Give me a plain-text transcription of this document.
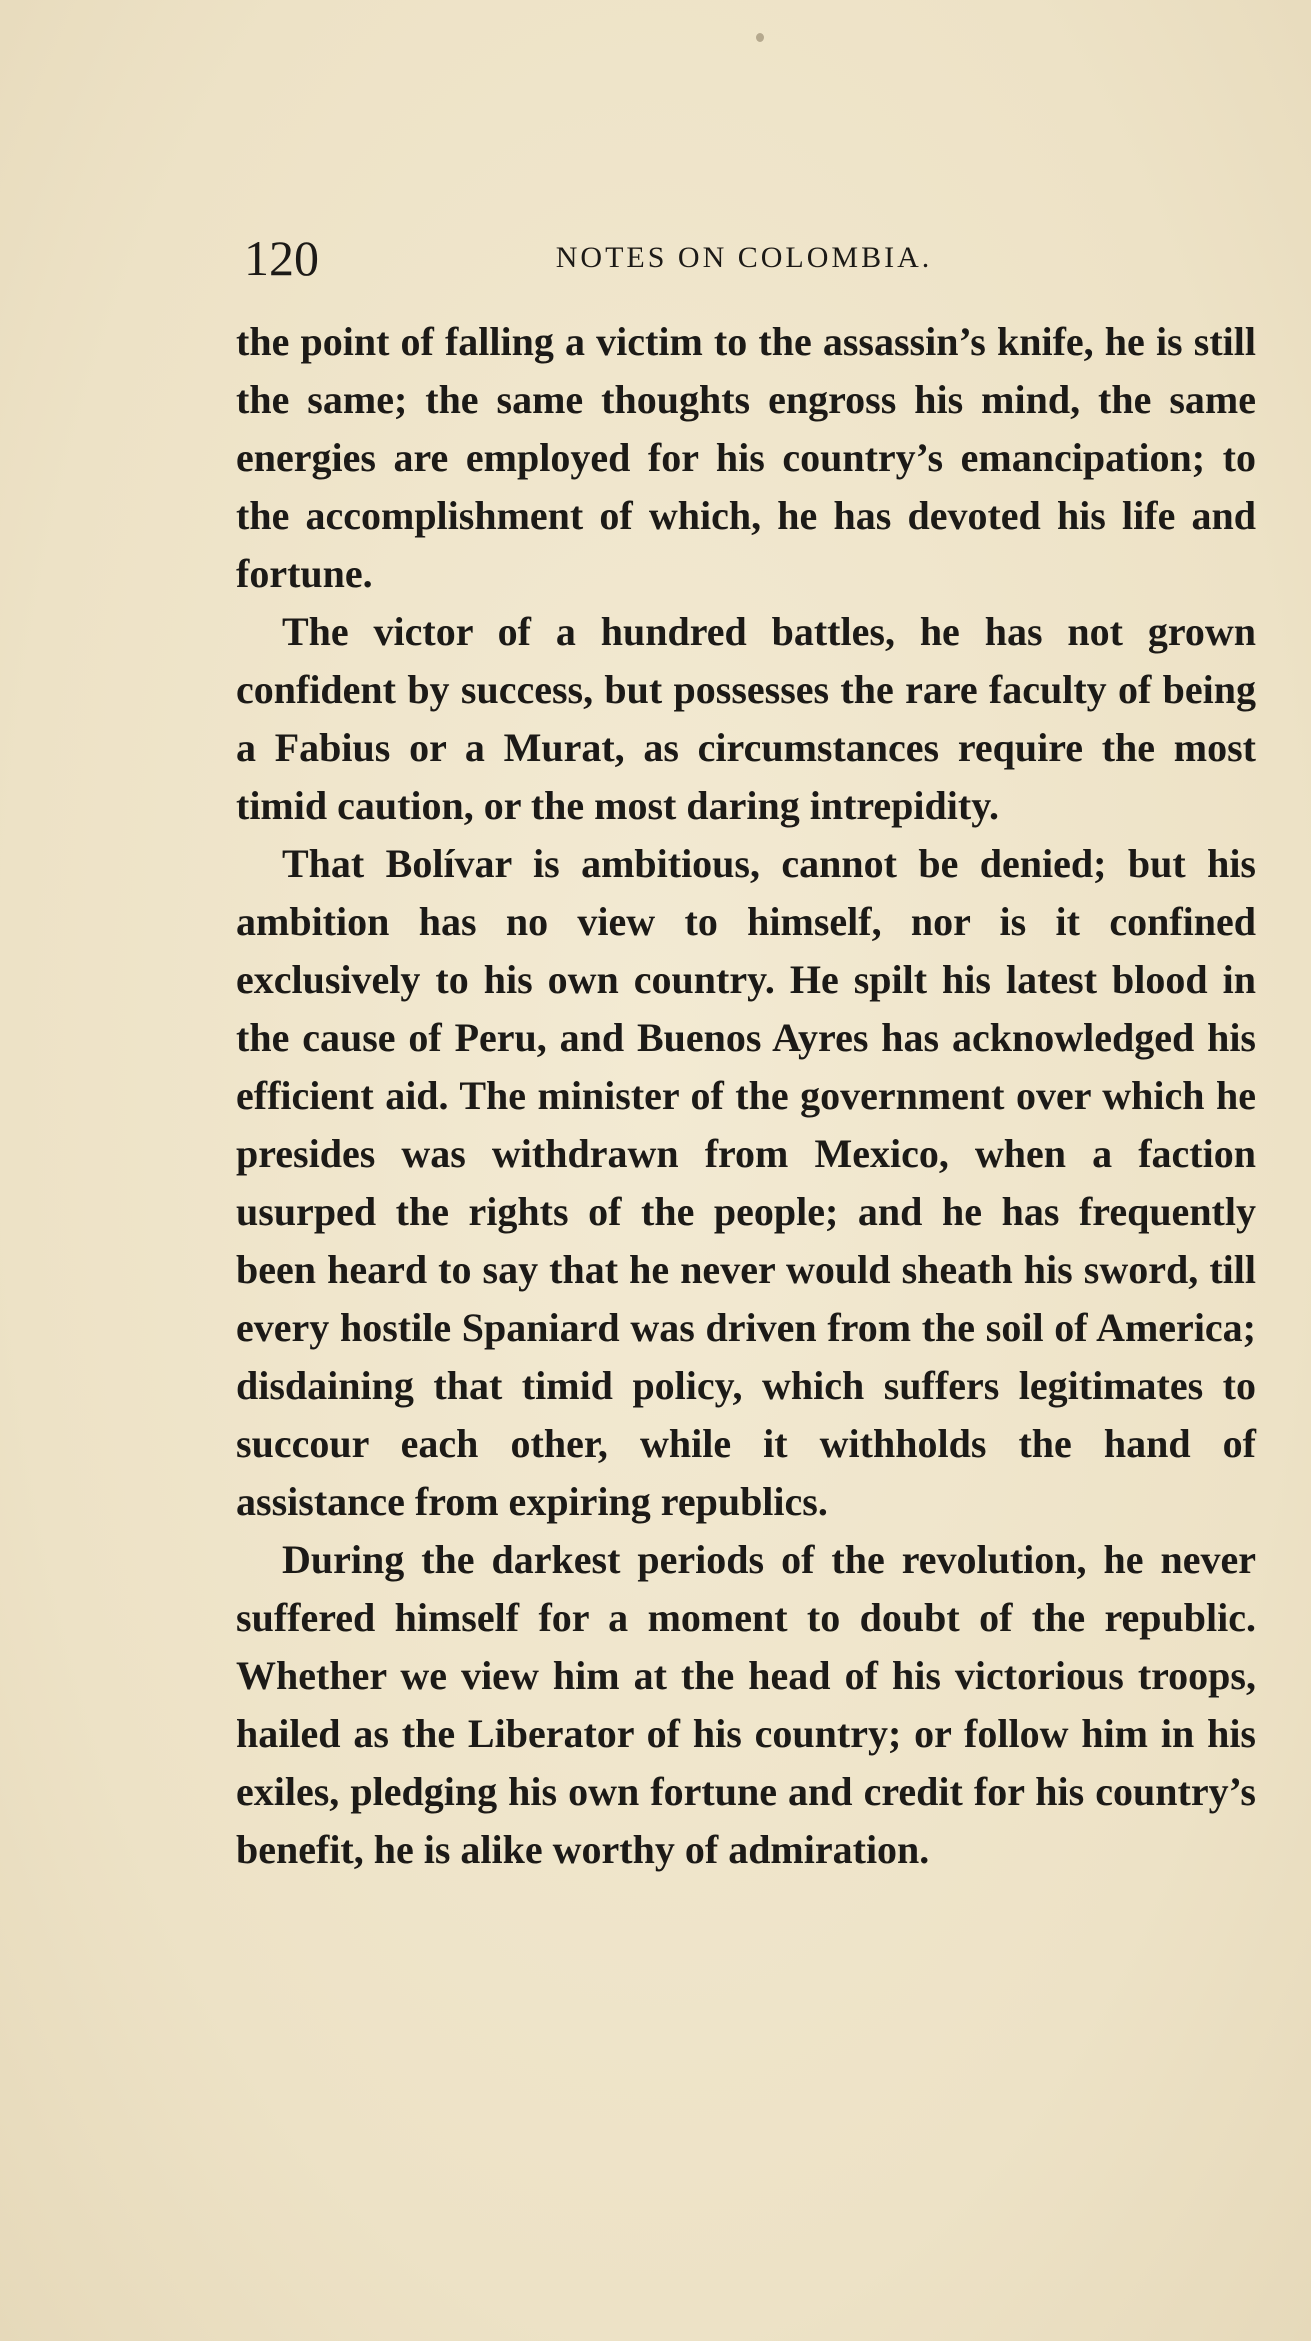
120	NOTES ON COLOMBIA.

the point of falling a victim to the assassin’s knife, he is still the same; the same thoughts engross his mind, the same energies are employed for his country’s emancipation; to the accomplishment of which, he has devoted his life and fortune.

The victor of a hundred battles, he has not grown confident by success, but possesses the rare faculty of being a Fabius or a Murat, as circumstances require the most timid caution, or the most daring intrepidity.

That Bolívar is ambitious, cannot be denied; but his ambition has no view to himself, nor is it confined exclusively to his own country. He spilt his latest blood in the cause of Peru, and Buenos Ayres has acknowledged his efficient aid. The minister of the government over which he presides was withdrawn from Mexico, when a faction usurped the rights of the people; and he has frequently been heard to say that he never would sheath his sword, till every hostile Spaniard was driven from the soil of America; disdaining that timid policy, which suffers legitimates to succour each other, while it withholds the hand of assistance from expiring republics.

During the darkest periods of the revolution, he never suffered himself for a moment to doubt of the republic. Whether we view him at the head of his victorious troops, hailed as the Liberator of his country; or follow him in his exiles, pledging his own fortune and credit for his country’s benefit, he is alike worthy of admiration.
